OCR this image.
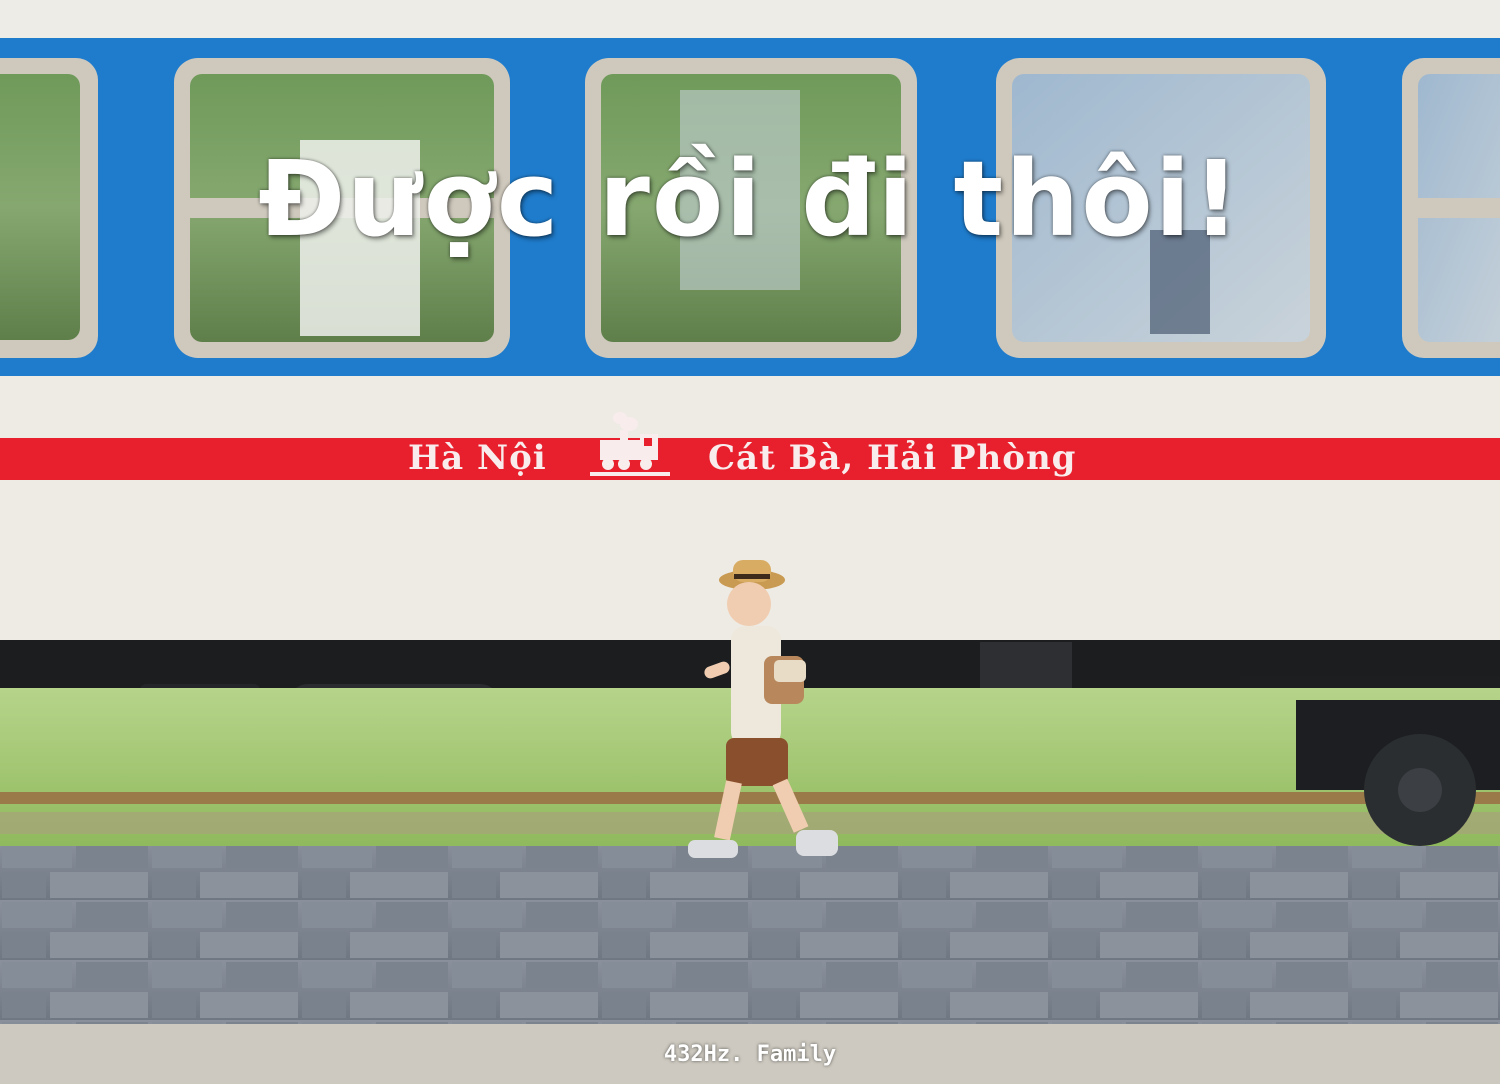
Được rồi đi thôi!
Hà Nội	Cát Bà, Hải Phòng
432Hz. Family
